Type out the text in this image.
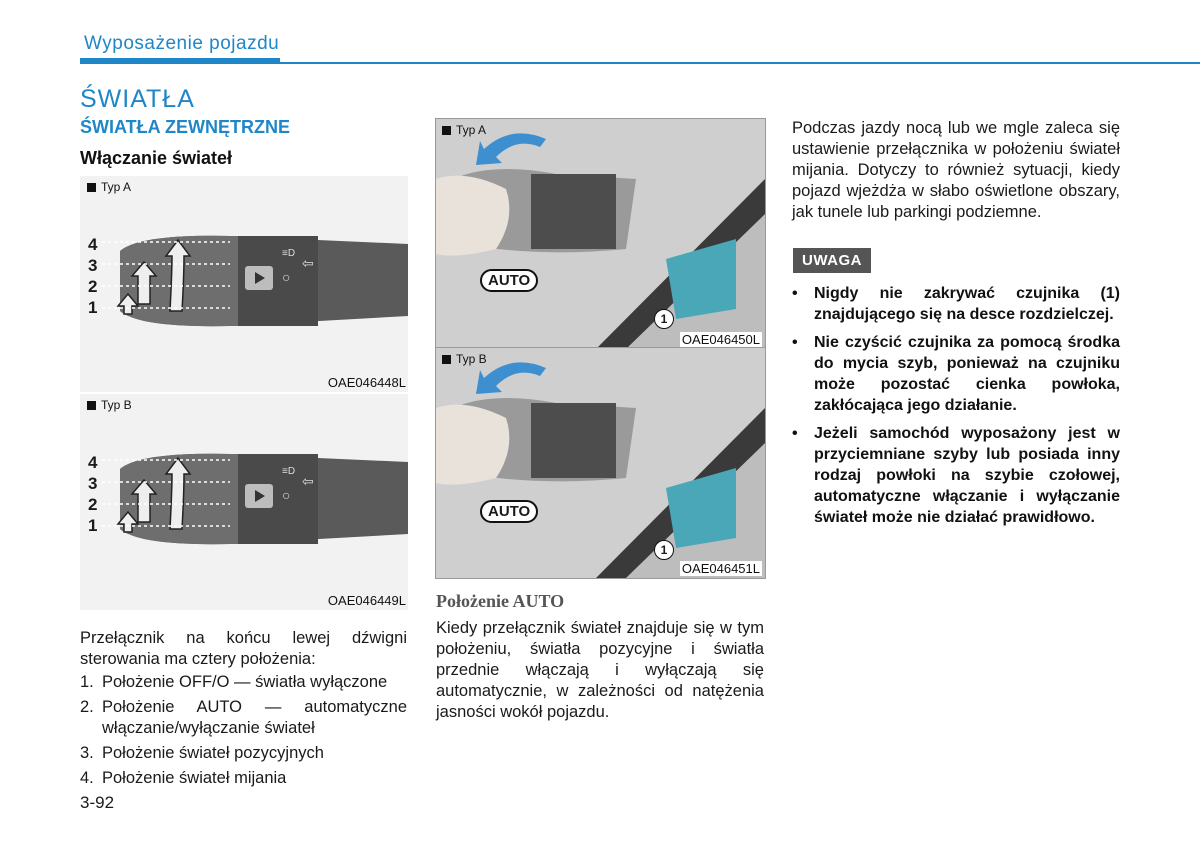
Wyposażenie pojazdu
ŚWIATŁA
ŚWIATŁA ZEWNĘTRZNE
Włączanie świateł
Typ A
≡D
○
⇦
4
3
2
1
OAE046448L
Typ B
≡D
○
⇦
4
3
2
1
OAE046449L
Typ A
AUTO
1
OAE046450L
Typ B
AUTO
1
OAE046451L
Przełącznik na końcu lewej dźwigni sterowania ma cztery położenia:
1. Położenie OFF/O — światła wyłączone
2. Położenie AUTO — automatyczne włączanie/wyłączanie świateł
3. Położenie świateł pozycyjnych
4. Położenie świateł mijania
Położenie AUTO
Kiedy przełącznik świateł znajduje się w tym położeniu, światła pozycyjne i światła przednie włączają i wyłączają się automatycznie, w zależności od natężenia jasności wokół pojazdu.
Podczas jazdy nocą lub we mgle zaleca się ustawienie przełącznika w położeniu świateł mijania. Dotyczy to również sytuacji, kiedy pojazd wjeżdża w słabo oświetlone obszary, jak tunele lub parkingi podziemne.
UWAGA
•	Nigdy nie zakrywać czujnika (1) znajdującego się na desce rozdzielczej.
•	Nie czyścić czujnika za pomocą środka do mycia szyb, ponieważ na czujniku może pozostać cienka powłoka, zakłócająca jego działanie.
•	Jeżeli samochód wyposażony jest w przyciemniane szyby lub posiada inny rodzaj powłoki na szybie czołowej, automatyczne włączanie i wyłączanie świateł może nie działać prawidłowo.
3-92
